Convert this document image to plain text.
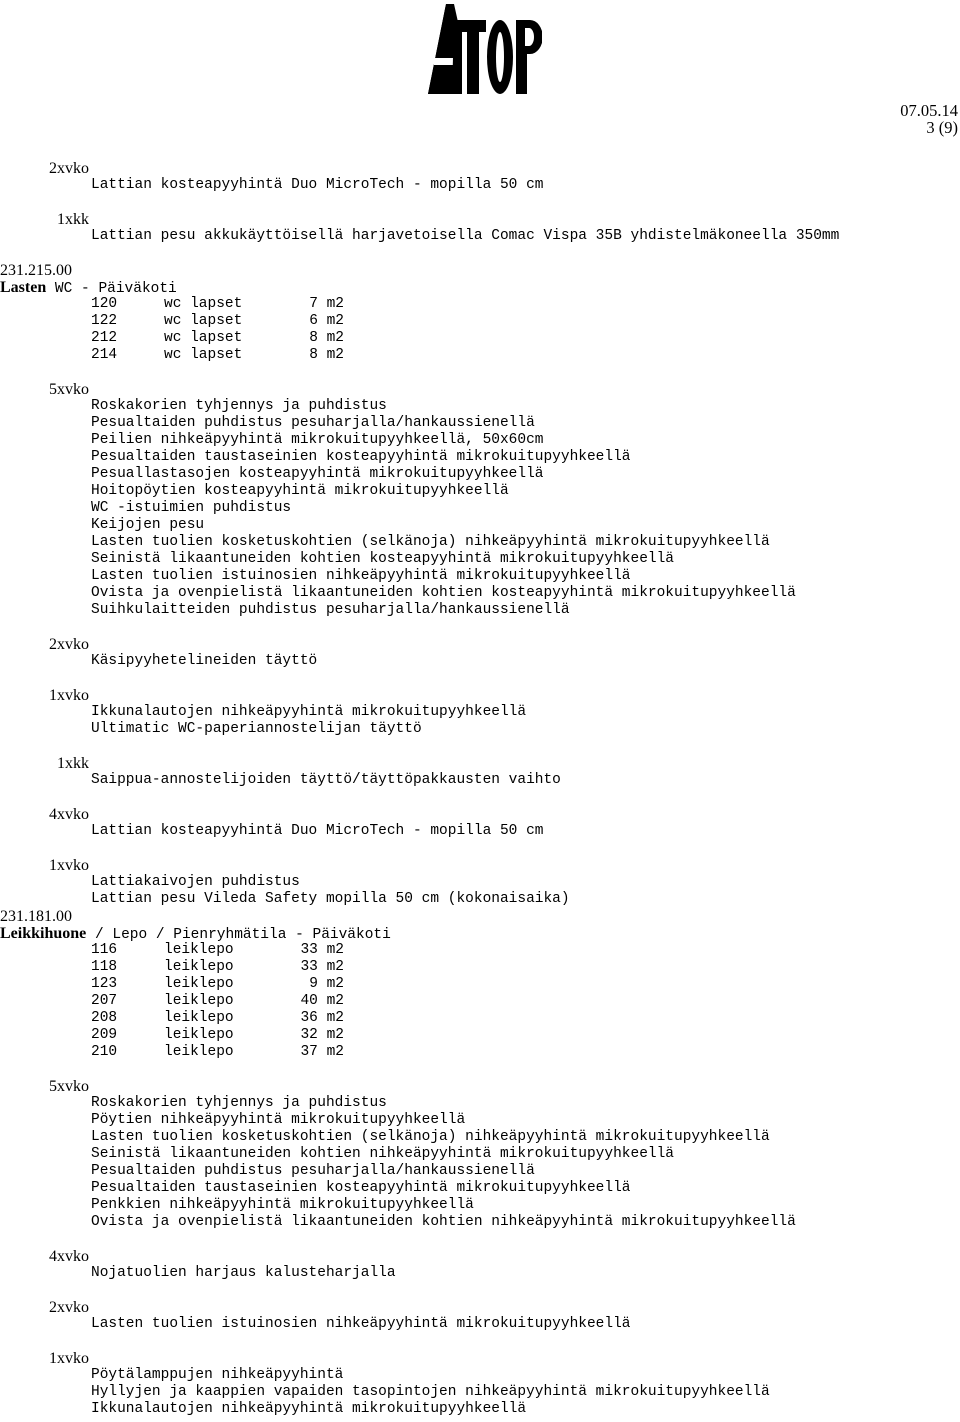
07.05.14
3 (9)
2xvko
Lattian kosteapyyhintä Duo MicroTech - mopilla 50 cm
1xkk
Lattian pesu akkukäyttöisellä harjavetoisella Comac Vispa 35B yhdistelmäkoneella 350mm
231.215.00
Lasten WC - Päiväkoti
120	wc lapset	7 m2
122	wc lapset	6 m2
212	wc lapset	8 m2
214	wc lapset	8 m2
5xvko
Roskakorien tyhjennys ja puhdistus
Pesualtaiden puhdistus pesuharjalla/hankaussienellä
Peilien nihkeäpyyhintä mikrokuitupyyhkeellä, 50x60cm
Pesualtaiden taustaseinien kosteapyyhintä mikrokuitupyyhkeellä
Pesuallastasojen kosteapyyhintä mikrokuitupyyhkeellä
Hoitopöytien kosteapyyhintä mikrokuitupyyhkeellä
WC -istuimien puhdistus
Keijojen pesu
Lasten tuolien kosketuskohtien (selkänoja) nihkeäpyyhintä mikrokuitupyyhkeellä
Seinistä likaantuneiden kohtien kosteapyyhintä mikrokuitupyyhkeellä
Lasten tuolien istuinosien nihkeäpyyhintä mikrokuitupyyhkeellä
Ovista ja ovenpielistä likaantuneiden kohtien kosteapyyhintä mikrokuitupyyhkeellä
Suihkulaitteiden puhdistus pesuharjalla/hankaussienellä
2xvko
Käsipyyhetelineiden täyttö
1xvko
Ikkunalautojen nihkeäpyyhintä mikrokuitupyyhkeellä
Ultimatic WC-paperiannostelijan täyttö
1xkk
Saippua-annostelijoiden täyttö/täyttöpakkausten vaihto
4xvko
Lattian kosteapyyhintä Duo MicroTech - mopilla 50 cm
1xvko
Lattiakaivojen puhdistus
Lattian pesu Vileda Safety mopilla 50 cm (kokonaisaika)
231.181.00
Leikkihuone / Lepo / Pienryhmätila - Päiväkoti
116	leiklepo	33 m2
118	leiklepo	33 m2
123	leiklepo	9 m2
207	leiklepo	40 m2
208	leiklepo	36 m2
209	leiklepo	32 m2
210	leiklepo	37 m2
5xvko
Roskakorien tyhjennys ja puhdistus
Pöytien nihkeäpyyhintä mikrokuitupyyhkeellä
Lasten tuolien kosketuskohtien (selkänoja) nihkeäpyyhintä mikrokuitupyyhkeellä
Seinistä likaantuneiden kohtien nihkeäpyyhintä mikrokuitupyyhkeellä
Pesualtaiden puhdistus pesuharjalla/hankaussienellä
Pesualtaiden taustaseinien kosteapyyhintä mikrokuitupyyhkeellä
Penkkien nihkeäpyyhintä mikrokuitupyyhkeellä
Ovista ja ovenpielistä likaantuneiden kohtien nihkeäpyyhintä mikrokuitupyyhkeellä
4xvko
Nojatuolien harjaus kalusteharjalla
2xvko
Lasten tuolien istuinosien nihkeäpyyhintä mikrokuitupyyhkeellä
1xvko
Pöytälamppujen nihkeäpyyhintä
Hyllyjen ja kaappien vapaiden tasopintojen nihkeäpyyhintä mikrokuitupyyhkeellä
Ikkunalautojen nihkeäpyyhintä mikrokuitupyyhkeellä
